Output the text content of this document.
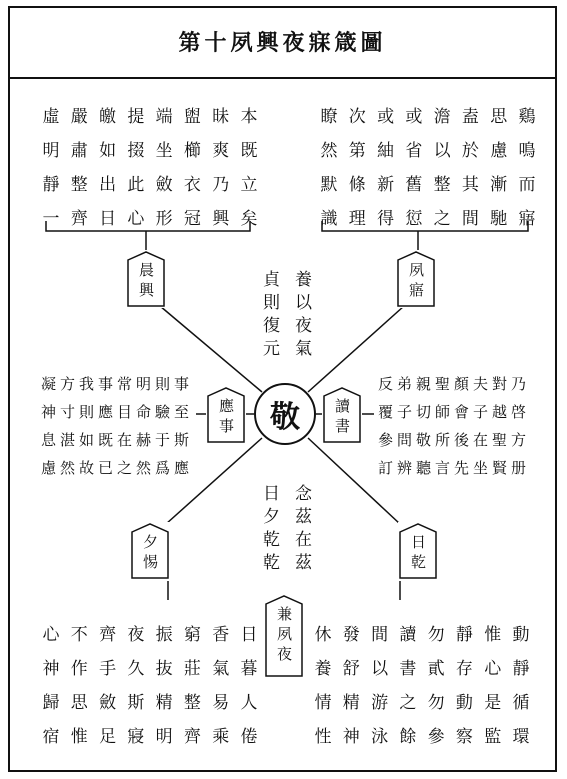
第十夙興夜寐箴圖
虛 嚴 皦 提 端 盥 昧 本
明 肅 如 掇 坐 櫛 爽 既
靜 整 出 此 斂 衣 乃 立
一 齊 日 心 形 冠 興 矣
瞭 次 或 或 澹 盍 思 鷄
然 第 紬 省 以 於 慮 鳴
默 條 新 舊 整 其 漸 而
識 理 得 愆 之 間 馳 寤
養以夜氣
貞則復元
凝 方 我 事 常 明 則 事
神 寸 則 應 目 命 驗 至
息 湛 如 既 在 赫 于 斯
慮 然 故 已 之 然 爲 應
反 弟 親 聖 顏 夫 對 乃
覆 子 切 師 會 子 越 啓
參 問 敬 所 後 在 聖 方
訂 辨 聽 言 先 坐 賢 册
念茲在茲
日夕乾乾
心 不 齊 夜 振 窮 香 日
神 作 手 久 抜 莊 氣 暮
歸 思 斂 斯 精 整 易 人
宿 惟 足 寢 明 齊 乘 倦
休 發 間 讀 勿 靜 惟 動
養 舒 以 書 貳 存 心 靜
情 精 游 之 勿 動 是 循
性 神 泳 餘 參 察 監 環
晨興	夙寤
應事	讀書
夕惕	日乾
兼夙夜
敬
